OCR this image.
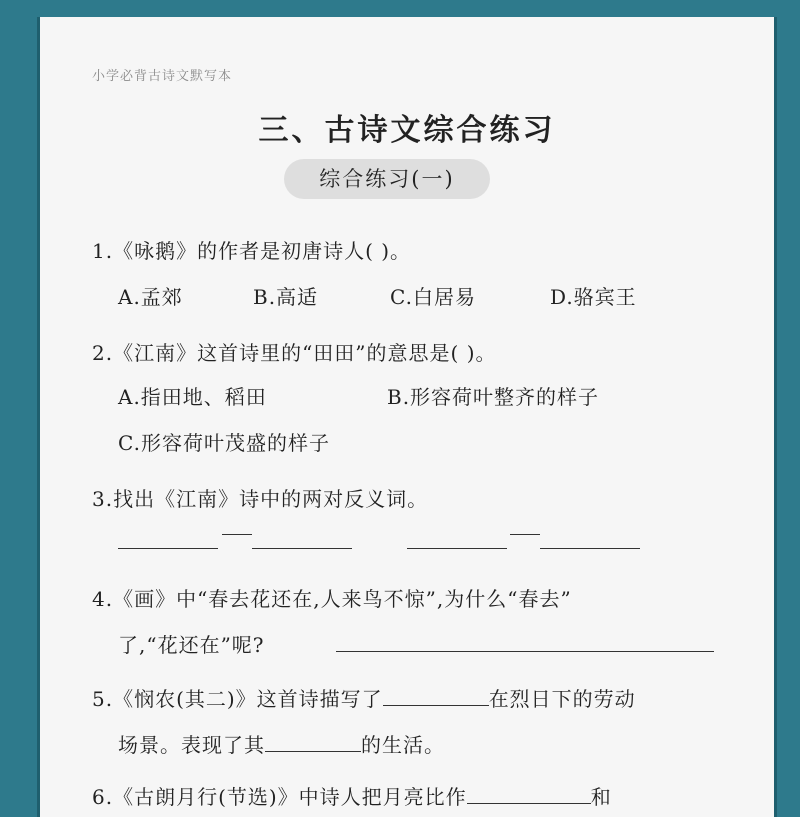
小学必背古诗文默写本
三、古诗文综合练习
综合练习(一)
1.《咏鹅》的作者是初唐诗人( )。
A.孟郊	B.高适	C.白居易	D.骆宾王
2.《江南》这首诗里的“田田”的意思是( )。
A.指田地、稻田	B.形容荷叶整齐的样子
C.形容荷叶茂盛的样子
3.找出《江南》诗中的两对反义词。
4.《画》中“春去花还在,人来鸟不惊”,为什么“春去”
了,“花还在”呢?
5.《悯农(其二)》这首诗描写了	在烈日下的劳动
场景。表现了其	的生活。
6.《古朗月行(节选)》中诗人把月亮比作	和
